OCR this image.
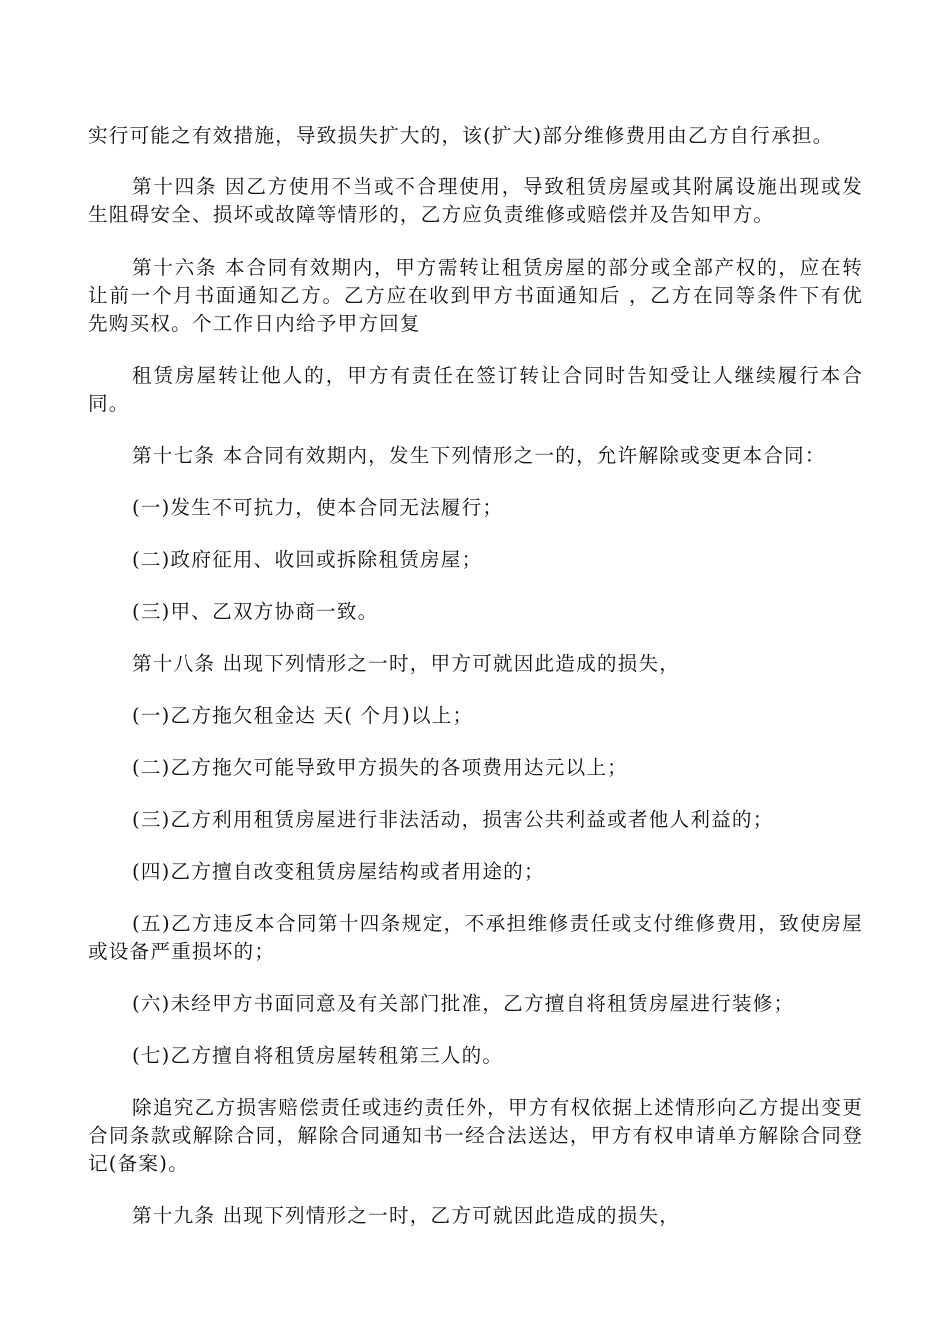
实行可能之有效措施，导致损失扩大的，该(扩大)部分维修费用由乙方自行承担。

第十四条 因乙方使用不当或不合理使用，导致租赁房屋或其附属设施出现或发生阻碍安全、损坏或故障等情形的，乙方应负责维修或赔偿并及告知甲方。

第十六条 本合同有效期内，甲方需转让租赁房屋的部分或全部产权的，应在转让前一个月书面通知乙方。乙方应在收到甲方书面通知后 ，乙方在同等条件下有优先购买权。个工作日内给予甲方回复

租赁房屋转让他人的，甲方有责任在签订转让合同时告知受让人继续履行本合同。

第十七条 本合同有效期内，发生下列情形之一的，允许解除或变更本合同：

(一)发生不可抗力，使本合同无法履行；

(二)政府征用、收回或拆除租赁房屋；

(三)甲、乙双方协商一致。

第十八条 出现下列情形之一时，甲方可就因此造成的损失，

(一)乙方拖欠租金达 天( 个月)以上；

(二)乙方拖欠可能导致甲方损失的各项费用达元以上；

(三)乙方利用租赁房屋进行非法活动，损害公共利益或者他人利益的；

(四)乙方擅自改变租赁房屋结构或者用途的；

(五)乙方违反本合同第十四条规定，不承担维修责任或支付维修费用，致使房屋或设备严重损坏的；

(六)未经甲方书面同意及有关部门批准，乙方擅自将租赁房屋进行装修；

(七)乙方擅自将租赁房屋转租第三人的。

除追究乙方损害赔偿责任或违约责任外，甲方有权依据上述情形向乙方提出变更合同条款或解除合同，解除合同通知书一经合法送达，甲方有权申请单方解除合同登记(备案)。

第十九条 出现下列情形之一时，乙方可就因此造成的损失，
